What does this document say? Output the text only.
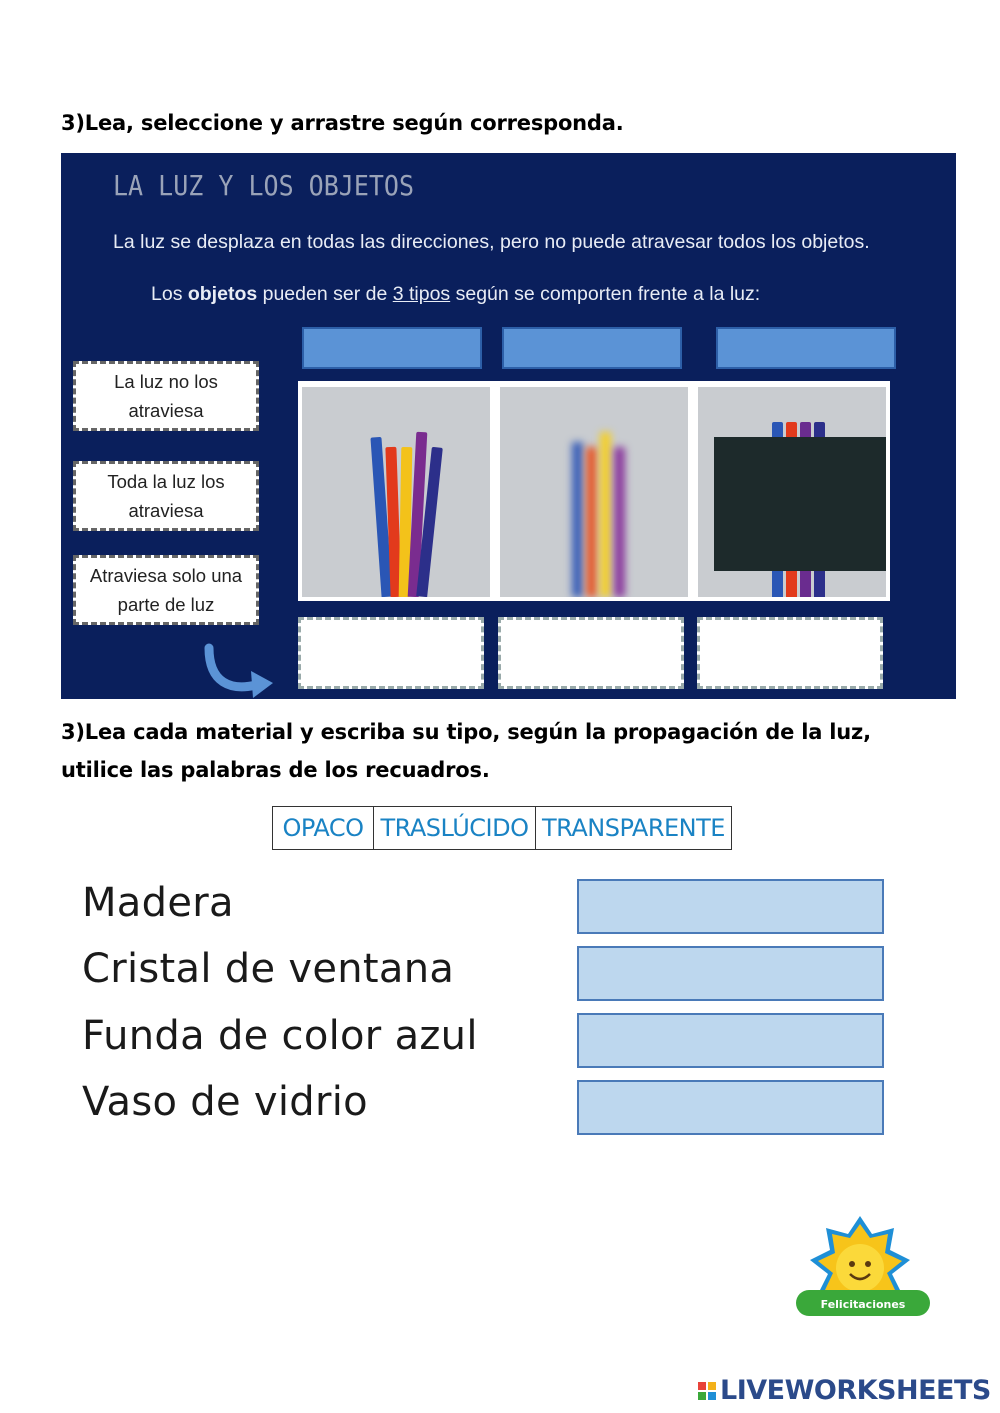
3)Lea, seleccione y arrastre según corresponda.
LA LUZ Y LOS OBJETOS
La luz se desplaza en todas las direcciones, pero no puede atravesar todos los objetos.
Los objetos pueden ser de 3 tipos según se comporten frente a la luz:
La luz no los atraviesa
Toda la luz los atraviesa
Atraviesa solo una parte de luz
3)Lea cada material y escriba su tipo, según la propagación de la luz, utilice las palabras de los recuadros.
OPACO TRASLÚCIDO TRANSPARENTE
Madera
Cristal de ventana
Funda de color azul
Vaso de vidrio
Felicitaciones
LIVEWORKSHEETS
